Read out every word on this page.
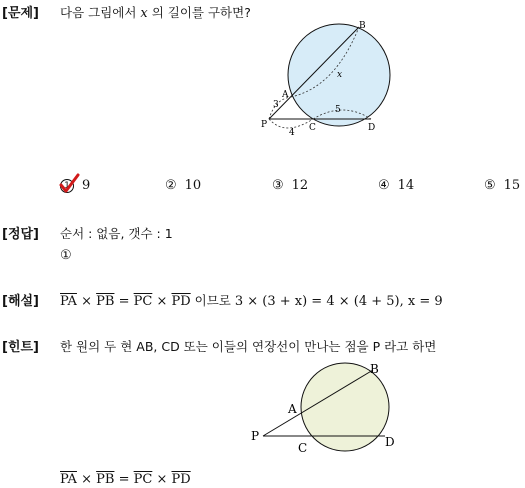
[문제] 다음 그림에서 x 의 길이를 구하면?
B
A
P	C	D
x
3
4
5
1 9	② 10	③ 12	④ 14	⑤ 15
[정답] 순서 : 없음, 갯수 : 1
①
[해설] $\overline{PA} \times \overline{PB} = \overline{PC} \times \overline{PD}$ 이므로 3 × (3 + x) = 4 × (4 + 5), x = 9
[힌트] 한 원의 두 현 AB, CD 또는 이들의 연장선이 만나는 점을 P 라고 하면
B
A
P
C	D
$\overline{PA} \times \overline{PB} = \overline{PC} \times \overline{PD}$
